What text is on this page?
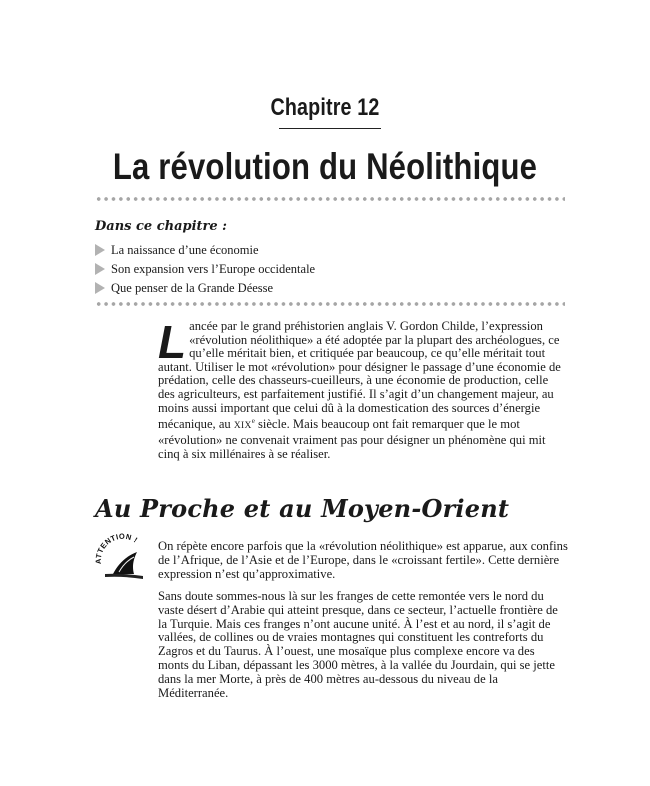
Chapitre 12
La révolution du Néolithique
Dans ce chapitre :
La naissance d’une économie
Son expansion vers l’Europe occidentale
Que penser de la Grande Déesse
L ancée par le grand préhistorien anglais V. Gordon Childe, l’expression «révolution néolithique» a été adoptée par la plupart des archéologues, ce qu’elle méritait bien, et critiquée par beaucoup, ce qu’elle méritait tout autant. Utiliser le mot «révolution» pour désigner le passage d’une économie de prédation, celle des chasseurs-cueilleurs, à une économie de production, celle des agriculteurs, est parfaitement justifié. Il s’agit d’un changement majeur, au moins aussi important que celui dû à la domestication des sources d’énergie mécanique, au XIXe siècle. Mais beaucoup ont fait remarquer que le mot «révolution» ne convenait vraiment pas pour désigner un phénomène qui mit cinq à six millénaires à se réaliser.
Au Proche et au Moyen-Orient
ATTENTION ! On répète encore parfois que la «révolution néolithique» est apparue, aux confins de l’Afrique, de l’Asie et de l’Europe, dans le «croissant fertile». Cette dernière expression n’est qu’approximative.

Sans doute sommes-nous là sur les franges de cette remontée vers le nord du vaste désert d’Arabie qui atteint presque, dans ce secteur, l’actuelle frontière de la Turquie. Mais ces franges n’ont aucune unité. À l’est et au nord, il s’agit de vallées, de collines ou de vraies montagnes qui constituent les contreforts du Zagros et du Taurus. À l’ouest, une mosaïque plus complexe encore va des monts du Liban, dépassant les 3000 mètres, à la vallée du Jourdain, qui se jette dans la mer Morte, à près de 400 mètres au-dessous du niveau de la Méditerranée.
